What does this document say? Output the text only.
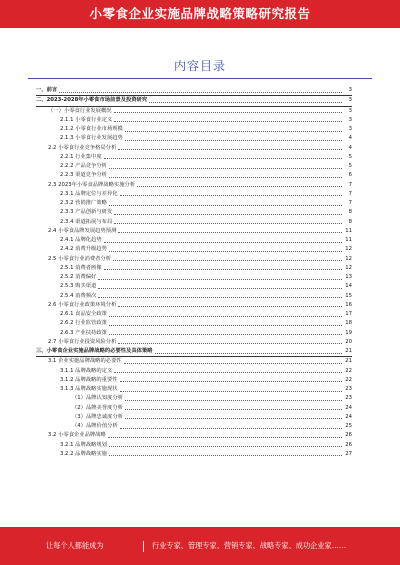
小零食企业实施品牌战略策略研究报告
内容目录
一、前言	3
二、2023-2028年小零食市场前景及投资研究	3
（一）小零食行业发展概况	3
2.1.1 小零食行业定义	3
2.1.2 小零食行业市场规模	3
2.1.3 小零食行业发展趋势	4
2.2 小零食行业竞争格局分析	4
2.2.1 行业集中度	5
2.2.2 产品竞争分析	5
2.2.3 渠道竞争分析	6
2.3 2023年小零食品牌战略实施分析	7
2.3.1 品牌定位与差异化	7
2.3.2 营销推广策略	7
2.3.3 产品创新与研发	8
2.3.4 渠道拓展与布局	8
2.4 小零食品牌发展趋势预测	11
2.4.1 品牌化趋势	11
2.4.2 消费升级趋势	12
2.5 小零食行业消费者分析	12
2.5.1 消费者画像	12
2.5.2 消费偏好	13
2.5.3 购买渠道	14
2.5.4 消费频次	15
2.6 小零食行业政策环境分析	16
2.6.1 食品安全政策	17
2.6.2 行业监管政策	18
2.6.3 产业扶持政策	19
2.7 小零食行业投资风险分析	20
三、小零食企业实施品牌战略的必要性及具体策略	21
3.1 企业实施品牌战略的必要性	21
3.1.1 品牌战略的定义	22
3.1.2 品牌战略的重要性	22
3.1.3 品牌战略实施现状	23
（1）品牌认知度分析	23
（2）品牌美誉度分析	24
（3）品牌忠诚度分析	24
（4）品牌价值分析	25
3.2 小零食企业品牌战略	26
3.2.1 品牌战略规划	26
3.2.2 品牌战略实施	27
让每个人都能成为	行业专家、管理专家、营销专家、战略专家、成功企业家……
